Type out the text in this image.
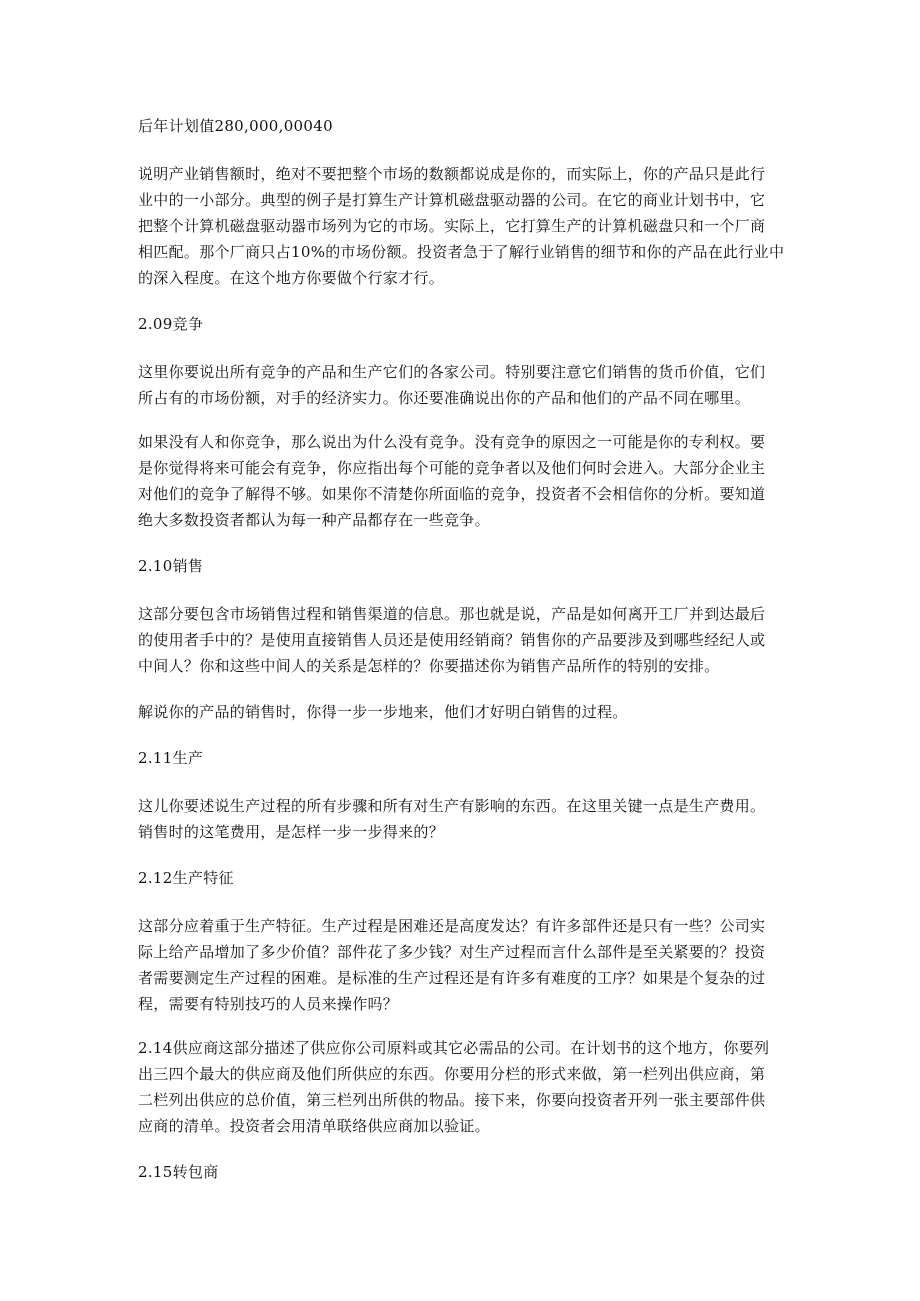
后年计划值280,000,00040

说明产业销售额时，绝对不要把整个市场的数额都说成是你的，而实际上，你的产品只是此行

业中的一小部分。典型的例子是打算生产计算机磁盘驱动器的公司。在它的商业计划书中，它

把整个计算机磁盘驱动器市场列为它的市场。实际上，它打算生产的计算机磁盘只和一个厂商

相匹配。那个厂商只占10%的市场份额。投资者急于了解行业销售的细节和你的产品在此行业中

的深入程度。在这个地方你要做个行家才行。

2.09竞争

这里你要说出所有竞争的产品和生产它们的各家公司。特别要注意它们销售的货币价值，它们

所占有的市场份额，对手的经济实力。你还要准确说出你的产品和他们的产品不同在哪里。

如果没有人和你竞争，那么说出为什么没有竞争。没有竞争的原因之一可能是你的专利权。要

是你觉得将来可能会有竞争，你应指出每个可能的竞争者以及他们何时会进入。大部分企业主

对他们的竞争了解得不够。如果你不清楚你所面临的竞争，投资者不会相信你的分析。要知道

绝大多数投资者都认为每一种产品都存在一些竞争。

2.10销售

这部分要包含市场销售过程和销售渠道的信息。那也就是说，产品是如何离开工厂并到达最后

的使用者手中的？是使用直接销售人员还是使用经销商？销售你的产品要涉及到哪些经纪人或

中间人？你和这些中间人的关系是怎样的？你要描述你为销售产品所作的特别的安排。

解说你的产品的销售时，你得一步一步地来，他们才好明白销售的过程。

2.11生产

这儿你要述说生产过程的所有步骤和所有对生产有影响的东西。在这里关键一点是生产费用。

销售时的这笔费用，是怎样一步一步得来的？

2.12生产特征

这部分应着重于生产特征。生产过程是困难还是高度发达？有许多部件还是只有一些？公司实

际上给产品增加了多少价值？部件花了多少钱？对生产过程而言什么部件是至关紧要的？投资

者需要测定生产过程的困难。是标准的生产过程还是有许多有难度的工序？如果是个复杂的过

程，需要有特别技巧的人员来操作吗？

2.14供应商这部分描述了供应你公司原料或其它必需品的公司。在计划书的这个地方，你要列

出三四个最大的供应商及他们所供应的东西。你要用分栏的形式来做，第一栏列出供应商，第

二栏列出供应的总价值，第三栏列出所供的物品。接下来，你要向投资者开列一张主要部件供

应商的清单。投资者会用清单联络供应商加以验证。

2.15转包商
